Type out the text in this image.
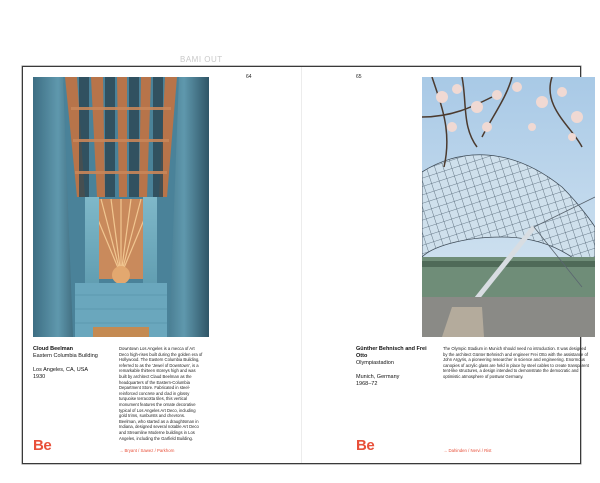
BAMI OUT
64
Cloud Beelman
Eastern Columbia Building
Los Angeles, CA, USA
1930
Downtown Los Angeles is a mecca of Art Deco high-rises built during the golden era of Hollywood. The Eastern Columbia Building, referred to as the 'Jewel of Downtown', is a remarkable thirteen storeys high and was built by architect Claud Beelman as the headquarters of the Eastern-Columbia Department Store. Fabricated in steel-reinforced concrete and clad in glossy turquoise terracotta tiles, this vertical monument features the ornate decorative typical of Los Angeles Art Deco, including gold trims, sunbursts and chevrons. Beelman, who started as a draughtsman in Indiana, designed several notable Art Deco and Streamline Moderne buildings in Los Angeles, including the Garfield Building.
Be	→ Bryant / Sawez / Parkhorn
65
Günther Behnisch and Frei Otto
Olympiastadion
Munich, Germany
1968–72
The Olympic Stadium in Munich should need no introduction. It was designed by the architect Günter Behnisch and engineer Frei Otto with the assistance of John Argyris, a pioneering researcher in science and engineering. Enormous canopies of acrylic glass are held in place by steel cables to create transparent tent-like structures, a design intended to demonstrate the democratic and optimistic atmosphere of postwar Germany.
Be	→ Dahinden / Nervi / Rist
